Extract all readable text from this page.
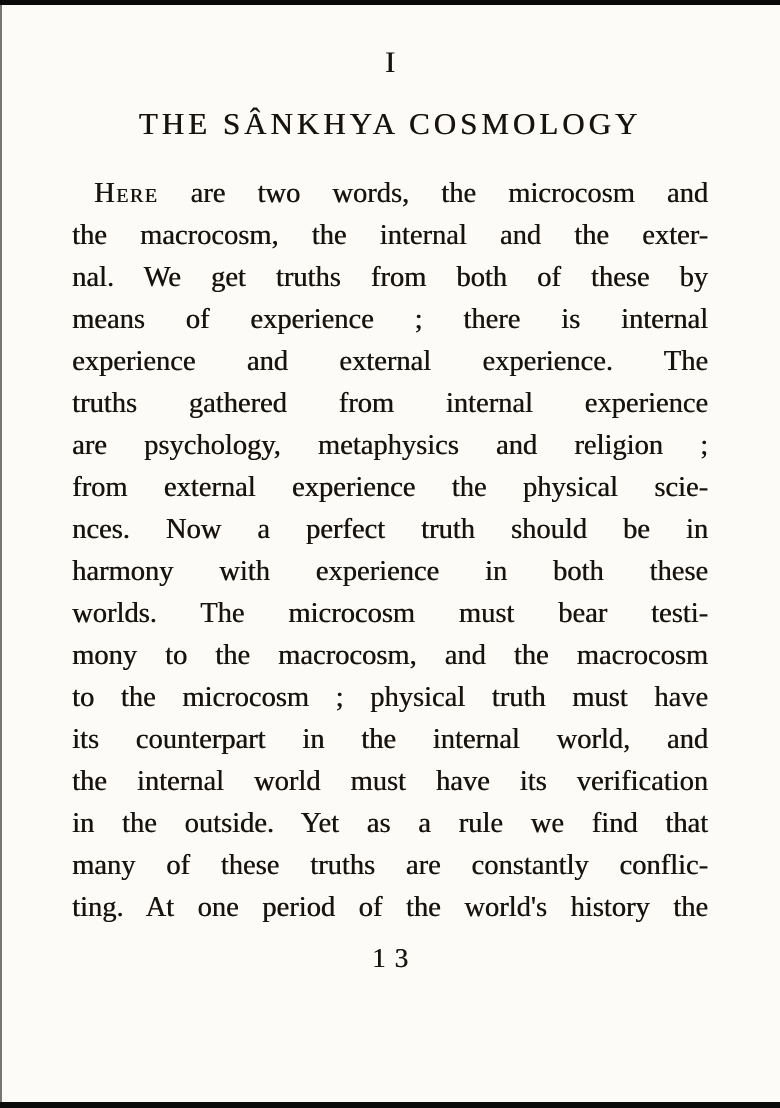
I
THE SÂNKHYA COSMOLOGY
Here are two words, the microcosm and
the macrocosm, the internal and the exter-
nal. We get truths from both of these by
means of experience ; there is internal
experience and external experience. The
truths gathered from internal experience
are psychology, metaphysics and religion ;
from external experience the physical scie-
nces. Now a perfect truth should be in
harmony with experience in both these
worlds. The microcosm must bear testi-
mony to the macrocosm, and the macrocosm
to the microcosm ; physical truth must have
its counterpart in the internal world, and
the internal world must have its verification
in the outside. Yet as a rule we find that
many of these truths are constantly conflic-
ting. At one period of the world's history the
13
